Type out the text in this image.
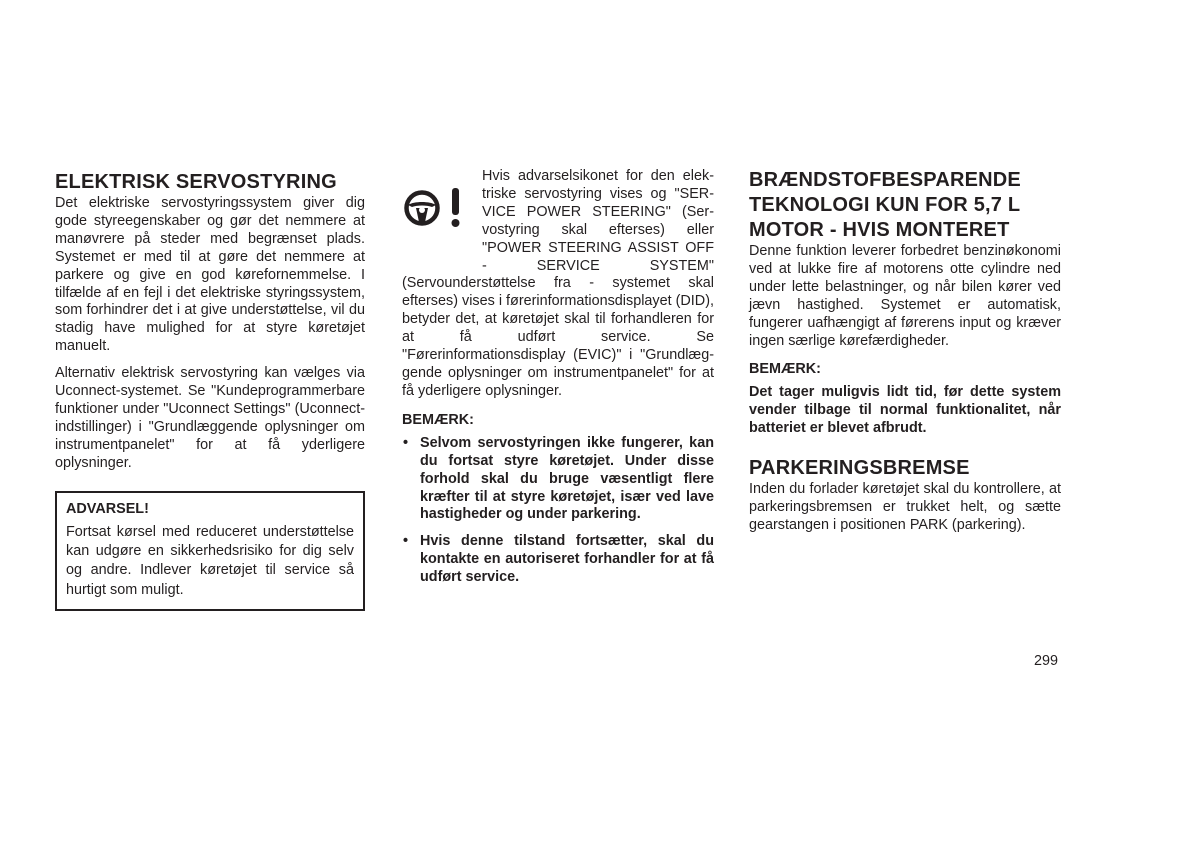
ELEKTRISK SERVOSTYRING

Det elektriske servostyringssystem giver dig gode styreegenskaber og gør det nemmere at manøvrere på steder med begrænset plads. Systemet er med til at gøre det nemmere at parkere og give en god kørefornemmelse. I tilfælde af en fejl i det elektriske styringssystem, som forhindrer det i at give understøttelse, vil du stadig have mulighed for at styre køretøjet manuelt.

Alternativ elektrisk servostyring kan vælges via Uconnect-systemet. Se "Kundeprogrammerbare funktioner under "Uconnect Settings" (Uconnect-indstillinger) i "Grundlæggende oplysninger om instrumentpanelet" for at få yderligere oplysninger.

ADVARSEL!

Fortsat kørsel med reduceret understøttelse kan udgøre en sikkerhedsrisiko for dig selv og andre. Indlever køretøjet til service så hurtigt som muligt.

Hvis advarselsikonet for den elektriske servostyring vises og "SERVICE POWER STEERING" (Servostyring skal efterses) eller "POWER STEERING ASSIST OFF - SERVICE SYSTEM" (Servounderstøttelse fra - systemet skal efterses) vises i førerinformationsdisplayet (DID), betyder det, at køretøjet skal til forhandleren for at få udført service. Se "Førerinformationsdisplay (EVIC)" i "Grundlæggende oplysninger om instrumentpanelet" for at få yderligere oplysninger.

BEMÆRK:
• Selvom servostyringen ikke fungerer, kan du fortsat styre køretøjet. Under disse forhold skal du bruge væsentligt flere kræfter til at styre køretøjet, især ved lave hastigheder og under parkering.
• Hvis denne tilstand fortsætter, skal du kontakte en autoriseret forhandler for at få udført service.
BRÆNDSTOFBESPARENDE TEKNOLOGI KUN FOR 5,7 L MOTOR - HVIS MONTERET

Denne funktion leverer forbedret benzinøkonomi ved at lukke fire af motorens otte cylindre ned under lette belastninger, og når bilen kører ved jævn hastighed. Systemet er automatisk, fungerer uafhængigt af førerens input og kræver ingen særlige kørefærdigheder.

BEMÆRK:

Det tager muligvis lidt tid, før dette system vender tilbage til normal funktionalitet, når batteriet er blevet afbrudt.

PARKERINGSBREMSE

Inden du forlader køretøjet skal du kontrollere, at parkeringsbremsen er trukket helt, og sætte gearstangen i positionen PARK (parkering).

299
